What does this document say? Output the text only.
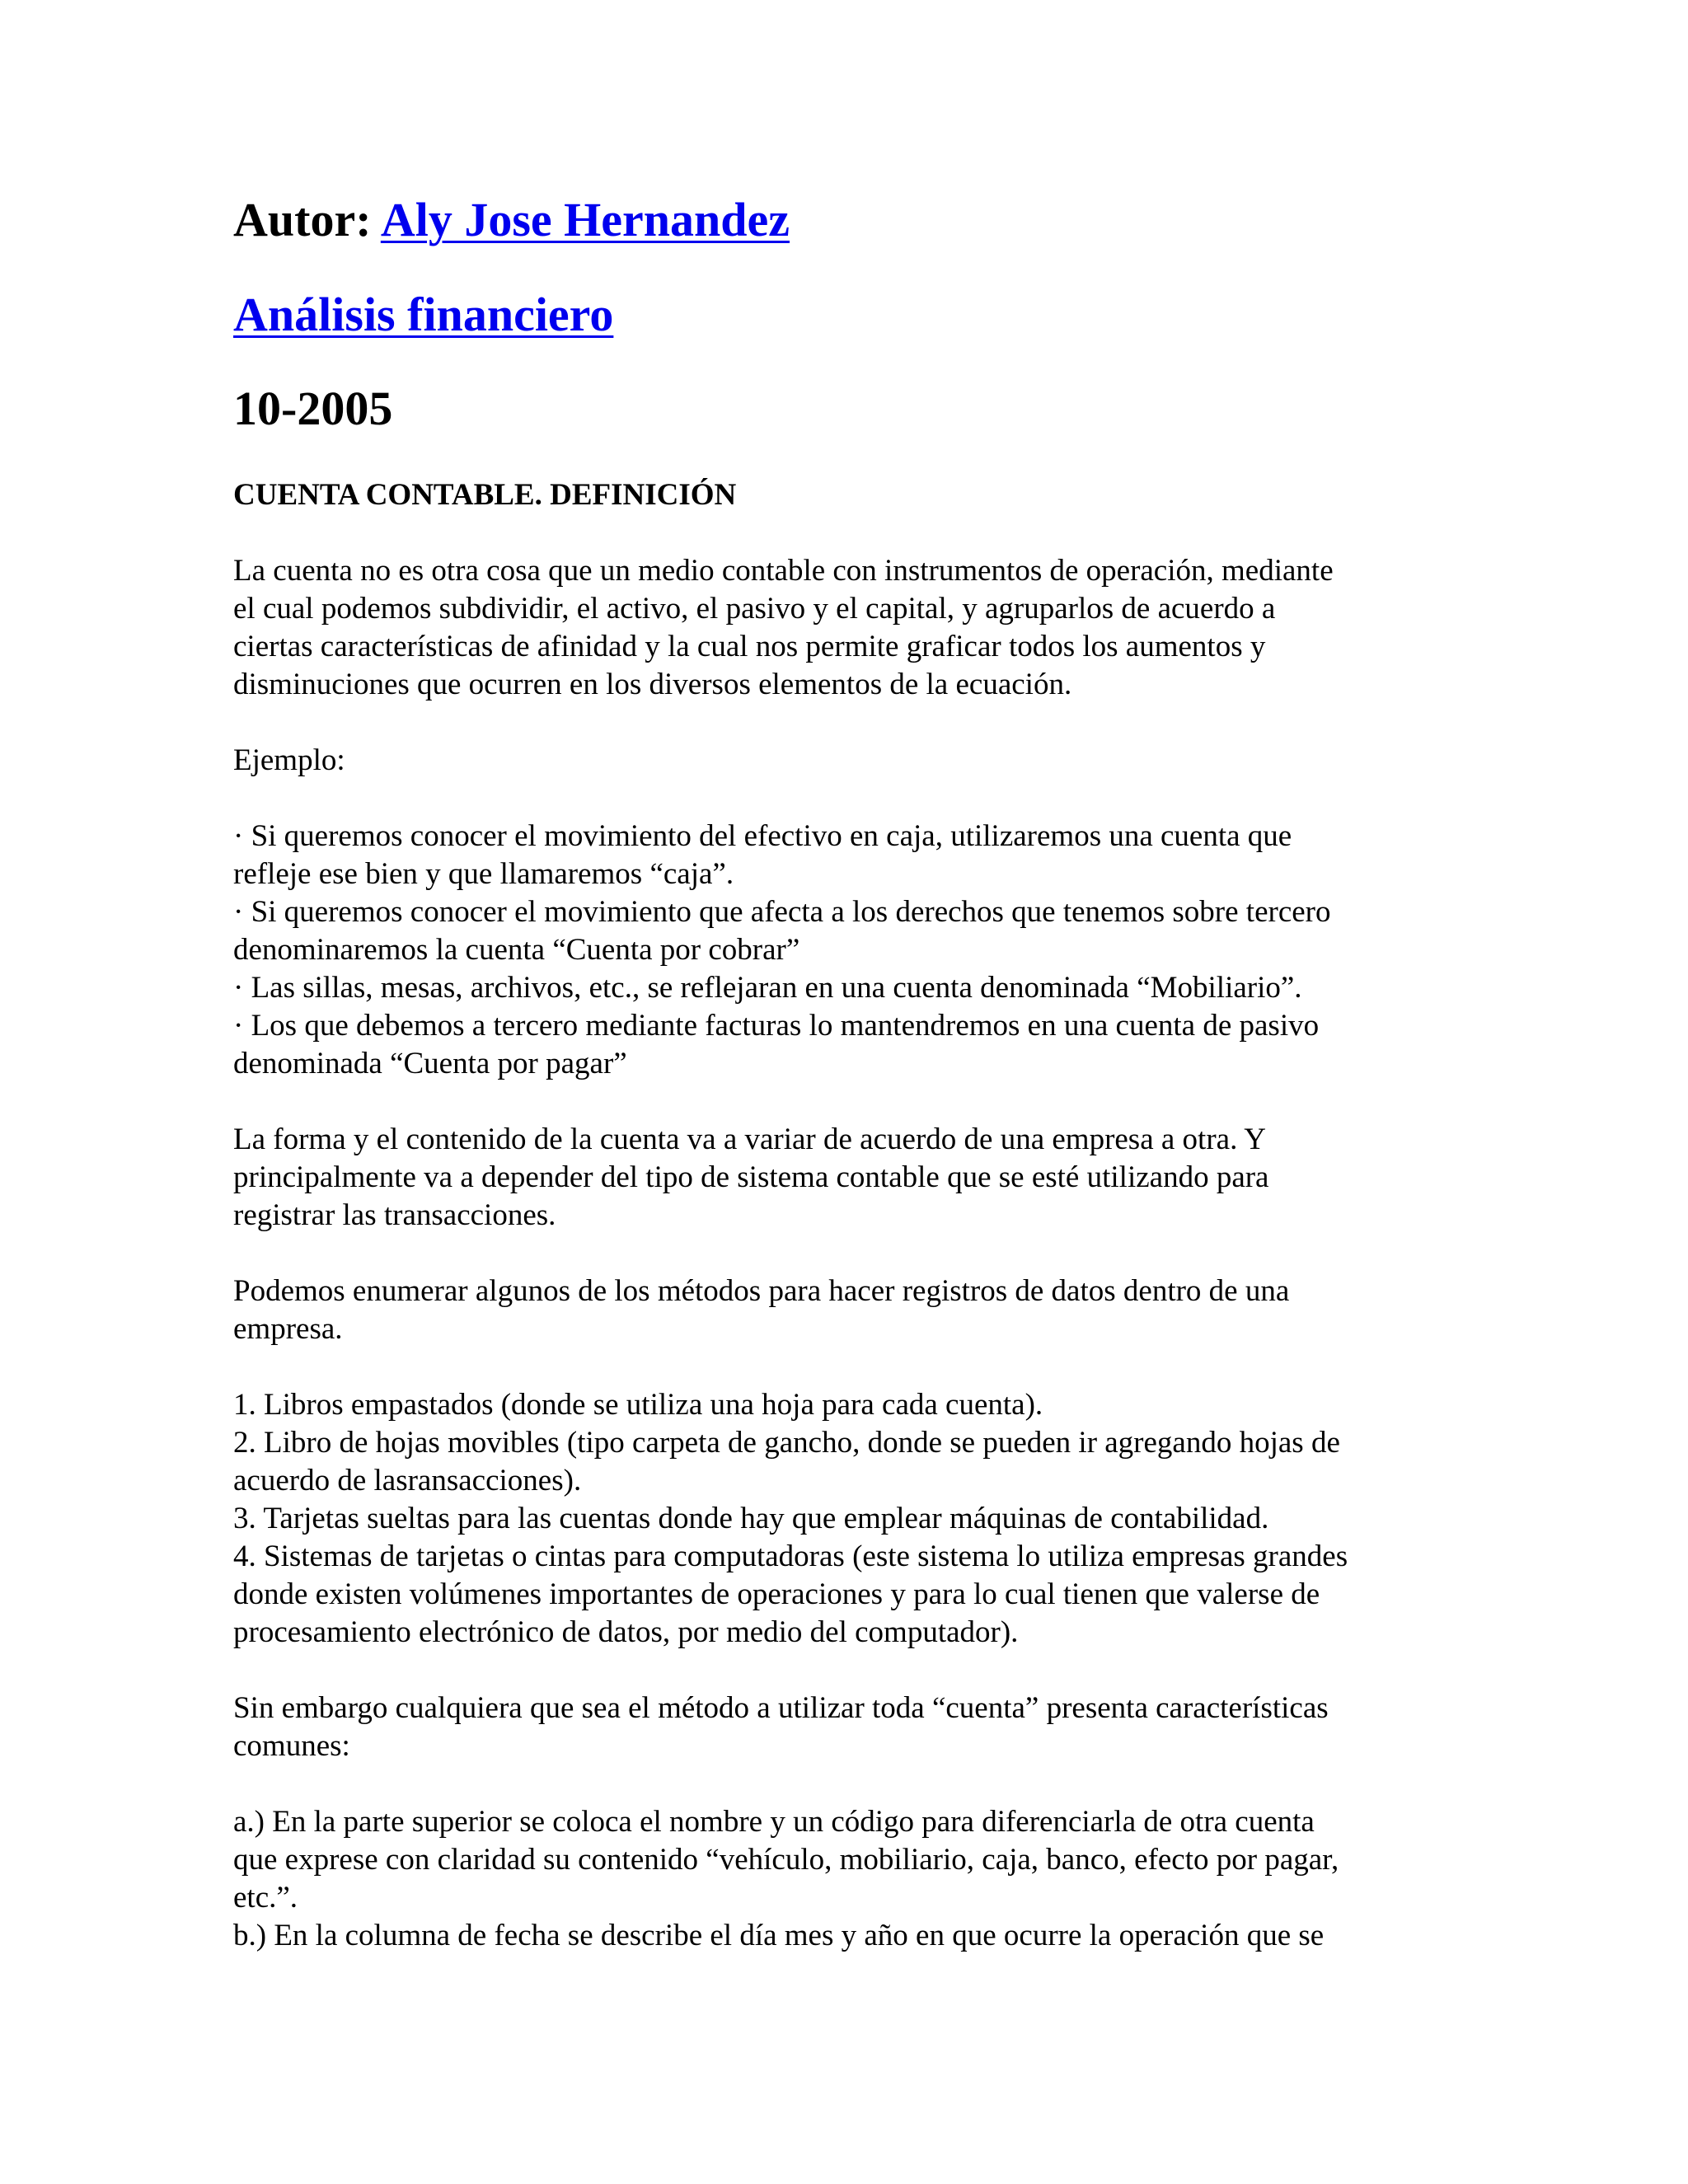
Autor: Aly Jose Hernandez
Análisis financiero
10-2005
CUENTA CONTABLE. DEFINICIÓN

La cuenta no es otra cosa que un medio contable con instrumentos de operación, mediante
el cual podemos subdividir, el activo, el pasivo y el capital, y agruparlos de acuerdo a
ciertas características de afinidad y la cual nos permite graficar todos los aumentos y
disminuciones que ocurren en los diversos elementos de la ecuación.

Ejemplo:

· Si queremos conocer el movimiento del efectivo en caja, utilizaremos una cuenta que
refleje ese bien y que llamaremos “caja”.
· Si queremos conocer el movimiento que afecta a los derechos que tenemos sobre tercero
denominaremos la cuenta “Cuenta por cobrar”
· Las sillas, mesas, archivos, etc., se reflejaran en una cuenta denominada “Mobiliario”.
· Los que debemos a tercero mediante facturas lo mantendremos en una cuenta de pasivo
denominada “Cuenta por pagar”

La forma y el contenido de la cuenta va a variar de acuerdo de una empresa a otra. Y
principalmente va a depender del tipo de sistema contable que se esté utilizando para
registrar las transacciones.

Podemos enumerar algunos de los métodos para hacer registros de datos dentro de una
empresa.

1. Libros empastados (donde se utiliza una hoja para cada cuenta).
2. Libro de hojas movibles (tipo carpeta de gancho, donde se pueden ir agregando hojas de
acuerdo de lasransacciones).
3. Tarjetas sueltas para las cuentas donde hay que emplear máquinas de contabilidad.
4. Sistemas de tarjetas o cintas para computadoras (este sistema lo utiliza empresas grandes
donde existen volúmenes importantes de operaciones y para lo cual tienen que valerse de
procesamiento electrónico de datos, por medio del computador).

Sin embargo cualquiera que sea el método a utilizar toda “cuenta” presenta características
comunes:

a.) En la parte superior se coloca el nombre y un código para diferenciarla de otra cuenta
que exprese con claridad su contenido “vehículo, mobiliario, caja, banco, efecto por pagar,
etc.”.
b.) En la columna de fecha se describe el día mes y año en que ocurre la operación que se
